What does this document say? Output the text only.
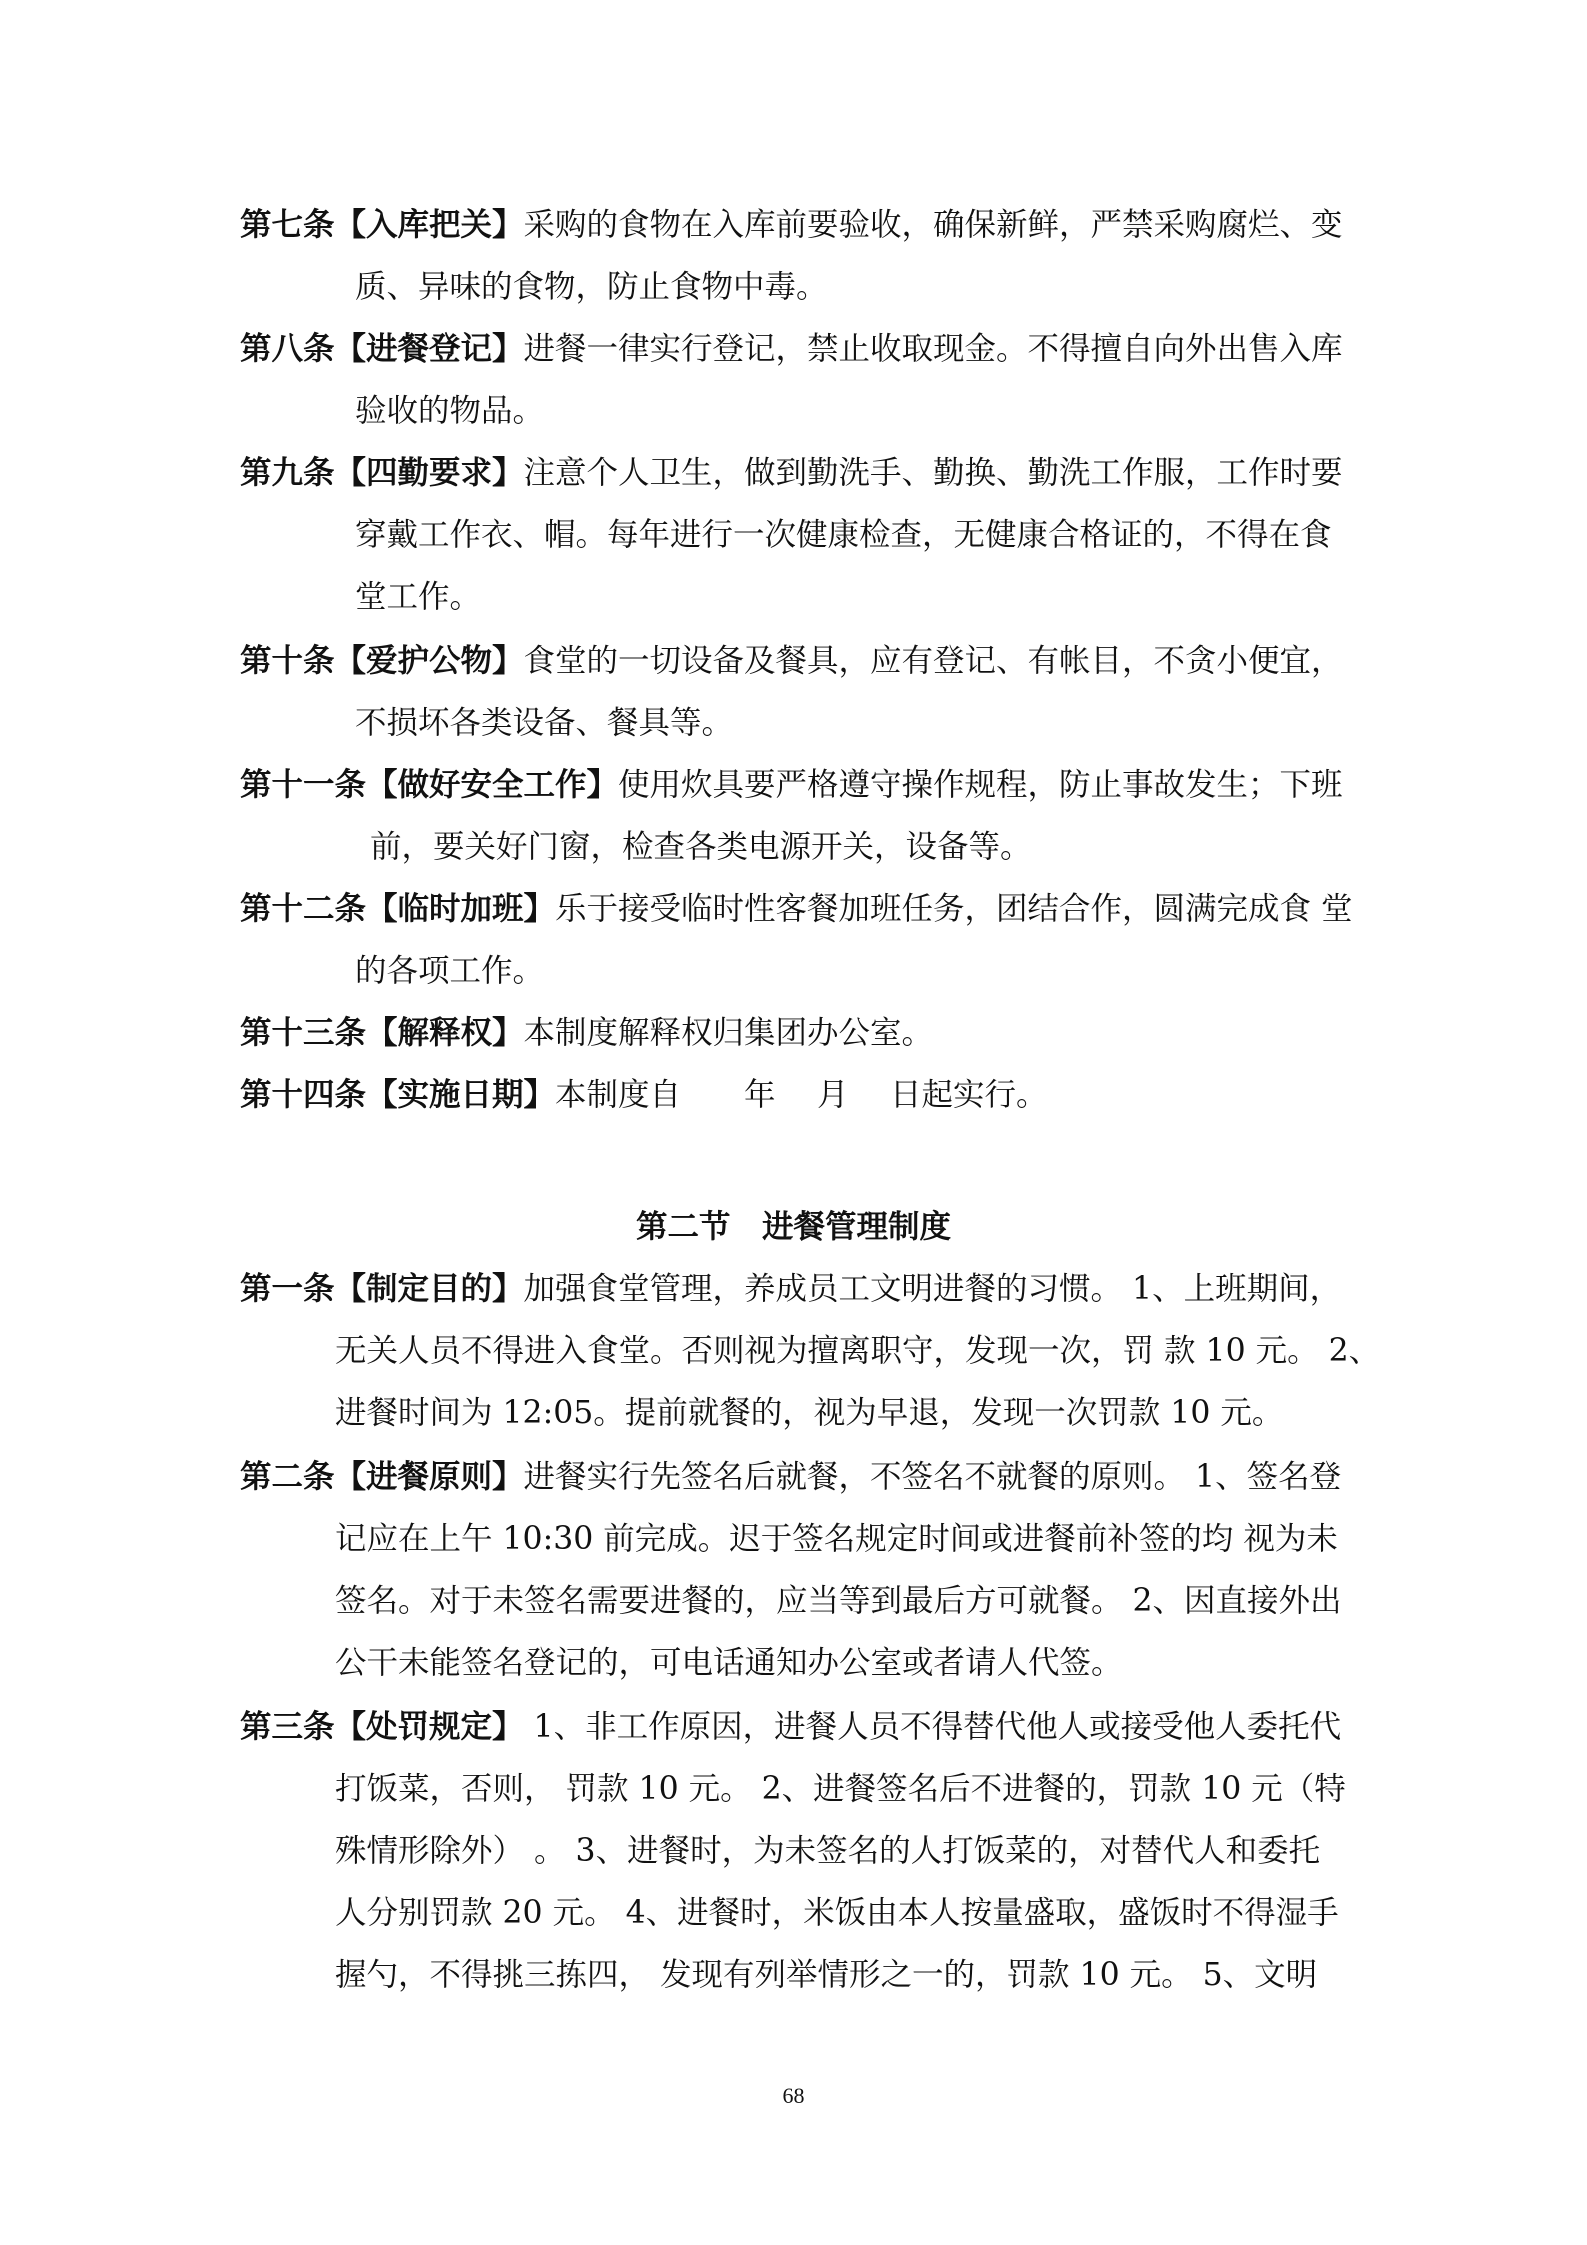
第七条【入库把关】采购的食物在入库前要验收，确保新鲜，严禁采购腐烂、变

质、异味的食物，防止食物中毒。

第八条【进餐登记】进餐一律实行登记，禁止收取现金。不得擅自向外出售入库

验收的物品。

第九条【四勤要求】注意个人卫生，做到勤洗手、勤换、勤洗工作服，工作时要

穿戴工作衣、帽。每年进行一次健康检查，无健康合格证的，不得在食

堂工作。

第十条【爱护公物】食堂的一切设备及餐具，应有登记、有帐目，不贪小便宜，

不损坏各类设备、餐具等。

第十一条【做好安全工作】使用炊具要严格遵守操作规程，防止事故发生；下班

前，要关好门窗，检查各类电源开关，设备等。

第十二条【临时加班】乐于接受临时性客餐加班任务，团结合作，圆满完成食 堂

的各项工作。

第十三条【解释权】本制度解释权归集团办公室。

第十四条【实施日期】本制度自　　年　 月　 日起实行。

第二节　进餐管理制度

第一条【制定目的】加强食堂管理，养成员工文明进餐的习惯。 1、上班期间，

无关人员不得进入食堂。否则视为擅离职守，发现一次，罚 款 10 元。 2、

进餐时间为 12:05。提前就餐的，视为早退，发现一次罚款 10 元。

第二条【进餐原则】进餐实行先签名后就餐，不签名不就餐的原则。 1、签名登

记应在上午 10:30 前完成。迟于签名规定时间或进餐前补签的均 视为未

签名。对于未签名需要进餐的，应当等到最后方可就餐。 2、因直接外出

公干未能签名登记的，可电话通知办公室或者请人代签。

第三条【处罚规定】 1、非工作原因，进餐人员不得替代他人或接受他人委托代

打饭菜，否则， 罚款 10 元。 2、进餐签名后不进餐的，罚款 10 元（特

殊情形除外） 。 3、进餐时，为未签名的人打饭菜的，对替代人和委托

人分别罚款 20 元。 4、进餐时，米饭由本人按量盛取，盛饭时不得湿手

握勺，不得挑三拣四， 发现有列举情形之一的，罚款 10 元。 5、文明

68
